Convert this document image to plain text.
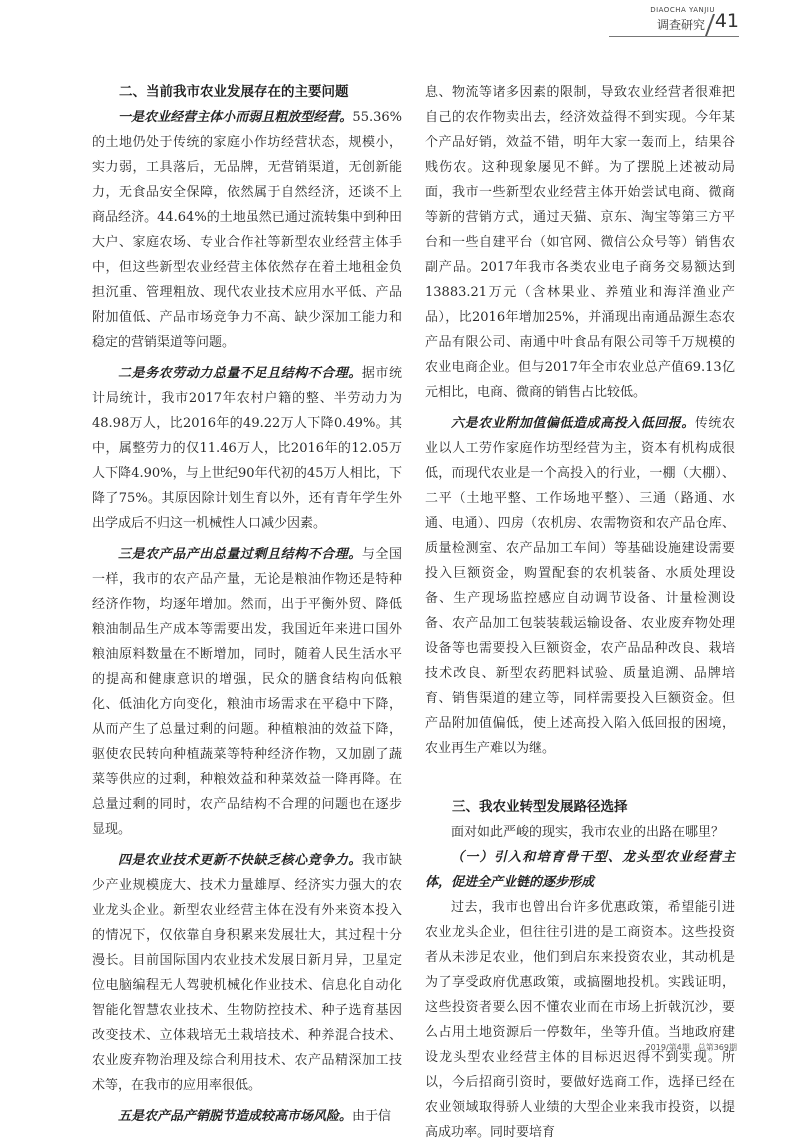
DIAOCHA YANJIU
调查研究 41
二、当前我市农业发展存在的主要问题

一是农业经营主体小而弱且粗放型经营。55.36%的土地仍处于传统的家庭小作坊经营状态，规模小，实力弱，工具落后，无品牌，无营销渠道，无创新能力，无食品安全保障，依然属于自然经济，还谈不上商品经济。44.64%的土地虽然已通过流转集中到种田大户、家庭农场、专业合作社等新型农业经营主体手中，但这些新型农业经营主体依然存在着土地租金负担沉重、管理粗放、现代农业技术应用水平低、产品附加值低、产品市场竞争力不高、缺少深加工能力和稳定的营销渠道等问题。

二是务农劳动力总量不足且结构不合理。据市统计局统计，我市2017年农村户籍的整、半劳动力为48.98万人，比2016年的49.22万人下降0.49%。其中，属整劳力的仅11.46万人，比2016年的12.05万人下降4.90%，与上世纪90年代初的45万人相比，下降了75%。其原因除计划生育以外，还有青年学生外出学成后不归这一机械性人口减少因素。

三是农产品产出总量过剩且结构不合理。与全国一样，我市的农产品产量，无论是粮油作物还是特种经济作物，均逐年增加。然而，出于平衡外贸、降低粮油制品生产成本等需要出发，我国近年来进口国外粮油原料数量在不断增加，同时，随着人民生活水平的提高和健康意识的增强，民众的膳食结构向低粮化、低油化方向变化，粮油市场需求在平稳中下降，从而产生了总量过剩的问题。种植粮油的效益下降，驱使农民转向种植蔬菜等特种经济作物，又加剧了蔬菜等供应的过剩，种粮效益和种菜效益一降再降。在总量过剩的同时，农产品结构不合理的问题也在逐步显现。

四是农业技术更新不快缺乏核心竞争力。我市缺少产业规模庞大、技术力量雄厚、经济实力强大的农业龙头企业。新型农业经营主体在没有外来资本投入的情况下，仅依靠自身积累来发展壮大，其过程十分漫长。目前国际国内农业技术发展日新月异，卫星定位电脑编程无人驾驶机械化作业技术、信息化自动化智能化智慧农业技术、生物防控技术、种子选育基因改变技术、立体栽培无土栽培技术、种养混合技术、农业废弃物治理及综合利用技术、农产品精深加工技术等，在我市的应用率很低。

五是农产品产销脱节造成较高市场风险。由于信

息、物流等诸多因素的限制，导致农业经营者很难把自己的农作物卖出去，经济效益得不到实现。今年某个产品好销，效益不错，明年大家一轰而上，结果谷贱伤农。这种现象屡见不鲜。为了摆脱上述被动局面，我市一些新型农业经营主体开始尝试电商、微商等新的营销方式，通过天猫、京东、淘宝等第三方平台和一些自建平台（如官网、微信公众号等）销售农副产品。2017年我市各类农业电子商务交易额达到13883.21万元（含林果业、养殖业和海洋渔业产品），比2016年增加25%，并涌现出南通品源生态农产品有限公司、南通中叶食品有限公司等千万规模的农业电商企业。但与2017年全市农业总产值69.13亿元相比，电商、微商的销售占比较低。

六是农业附加值偏低造成高投入低回报。传统农业以人工劳作家庭作坊型经营为主，资本有机构成很低，而现代农业是一个高投入的行业，一棚（大棚）、二平（土地平整、工作场地平整）、三通（路通、水通、电通）、四房（农机房、农需物资和农产品仓库、质量检测室、农产品加工车间）等基础设施建设需要投入巨额资金，购置配套的农机装备、水质处理设备、生产现场监控感应自动调节设备、计量检测设备、农产品加工包装装载运输设备、农业废弃物处理设备等也需要投入巨额资金，农产品品种改良、栽培技术改良、新型农药肥料试验、质量追溯、品牌培育、销售渠道的建立等，同样需要投入巨额资金。但产品附加值偏低，使上述高投入陷入低回报的困境，农业再生产难以为继。

三、我农业转型发展路径选择

面对如此严峻的现实，我市农业的出路在哪里？

（一）引入和培育骨干型、龙头型农业经营主体，促进全产业链的逐步形成

过去，我市也曾出台许多优惠政策，希望能引进农业龙头企业，但往往引进的是工商资本。这些投资者从未涉足农业，他们到启东来投资农业，其动机是为了享受政府优惠政策，或搞圈地投机。实践证明，这些投资者要么因不懂农业而在市场上折戟沉沙，要么占用土地资源后一停数年，坐等升值。当地政府建设龙头型农业经营主体的目标迟迟得不到实现。所以，今后招商引资时，要做好选商工作，选择已经在农业领域取得骄人业绩的大型企业来我市投资，以提高成功率。同时要培育

2019/第4期　总第369期
